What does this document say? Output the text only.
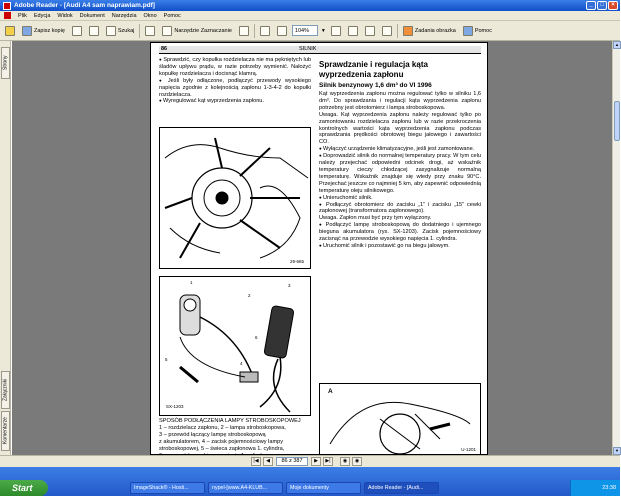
Adobe Reader - [Audi A4 sam naprawiam.pdf]	_	□	×
Plik Edycja Widok Dokument Narzędzia Okno Pomoc
Zapisz kopię	Szukaj	Narzędzie Zaznaczanie	104%	▼	Zadania obrazka	Pomoc
Strony
Załączniki
Komentarze
86	SILNIK

● Sprawdzić, czy kopułka rozdzielacza nie ma pękniętych lub śladów upływu prądu, w razie potrzeby wymienić. Nałożyć kopułkę rozdzielacza i docisnąć klamrą.

● Jeśli były odłączone, podłączyć przewody wysokiego napięcia zgodnie z kolejnością zapłonu 1-3-4-2 do kopułki rozdzielacza.

● Wyregulować kąt wyprzedzenia zapłonu.

29-665
1
2
3
4
5
6
SX-1203
SPOSÓB PODŁĄCZENIA LAMPY STROBOSKOPOWEJ
1 – rozdzielacz zapłonu, 2 – lampa stroboskopowa,
3 – przewód łączący lampę stroboskopową
z akumulatorem, 4 – zacisk pojemnościowy lampy
stroboskopowej, 5 – świeca zapłonowa 1. cylindra,
Sprawdzanie i regulacja kąta wyprzedzenia zapłonu
Silnik benzynowy 1,6 dm³ do VI 1996

Kąt wyprzedzenia zapłonu można regulować tylko w silniku 1,6 dm³. Do sprawdzania i regulacji kąta wyprzedzenia zapłonu potrzebny jest obrotomierz i lampa stroboskopowa.

Uwaga. Kąt wyprzedzenia zapłonu należy regulować tylko po zamontowaniu rozdzielacza zapłonu lub w razie przekroczenia kontrolnych wartości kąta wyprzedzenia zapłonu podczas sprawdzania prędkości obrotowej biegu jałowego i zawartości CO.

● Wyłączyć urządzenie klimatyzacyjne, jeśli jest zamontowane.

● Doprowadzić silnik do normalnej temperatury pracy. W tym celu należy przejechać odpowiedni odcinek drogi, aż wskaźnik temperatury cieczy chłodzącej zasygnalizuje normalną temperaturę. Wskaźnik znajduje się wtedy przy znaku 90°C. Przejechać jeszcze co najmniej 5 km, aby zapewnić odpowiednią temperaturę oleju silnikowego.

● Unieruchomić silnik.

● Podłączyć obrotomierz do zacisku „1” i zacisku „15” cewki zapłonowej (transformatora zapłonowego).

Uwaga. Zapłon musi być przy tym wyłączony.

● Podłączyć lampę stroboskopową do dodatniego i ujemnego bieguna akumulatora (rys. SX-1203). Zacisk pojemnościowy zacisnąć na przewodzie wysokiego napięcia 1. cylindra.

● Uruchomić silnik i pozostawić go na biegu jałowym.

A
U-1201
▲
▼
|◀	◀	86 z 387	▶	▶|	◉	◉
Start	ImageShack® - Hosti...	nypel-[www.A4-KLUB...	Moje dokumenty	Adobe Reader - [Audi...	23:38
